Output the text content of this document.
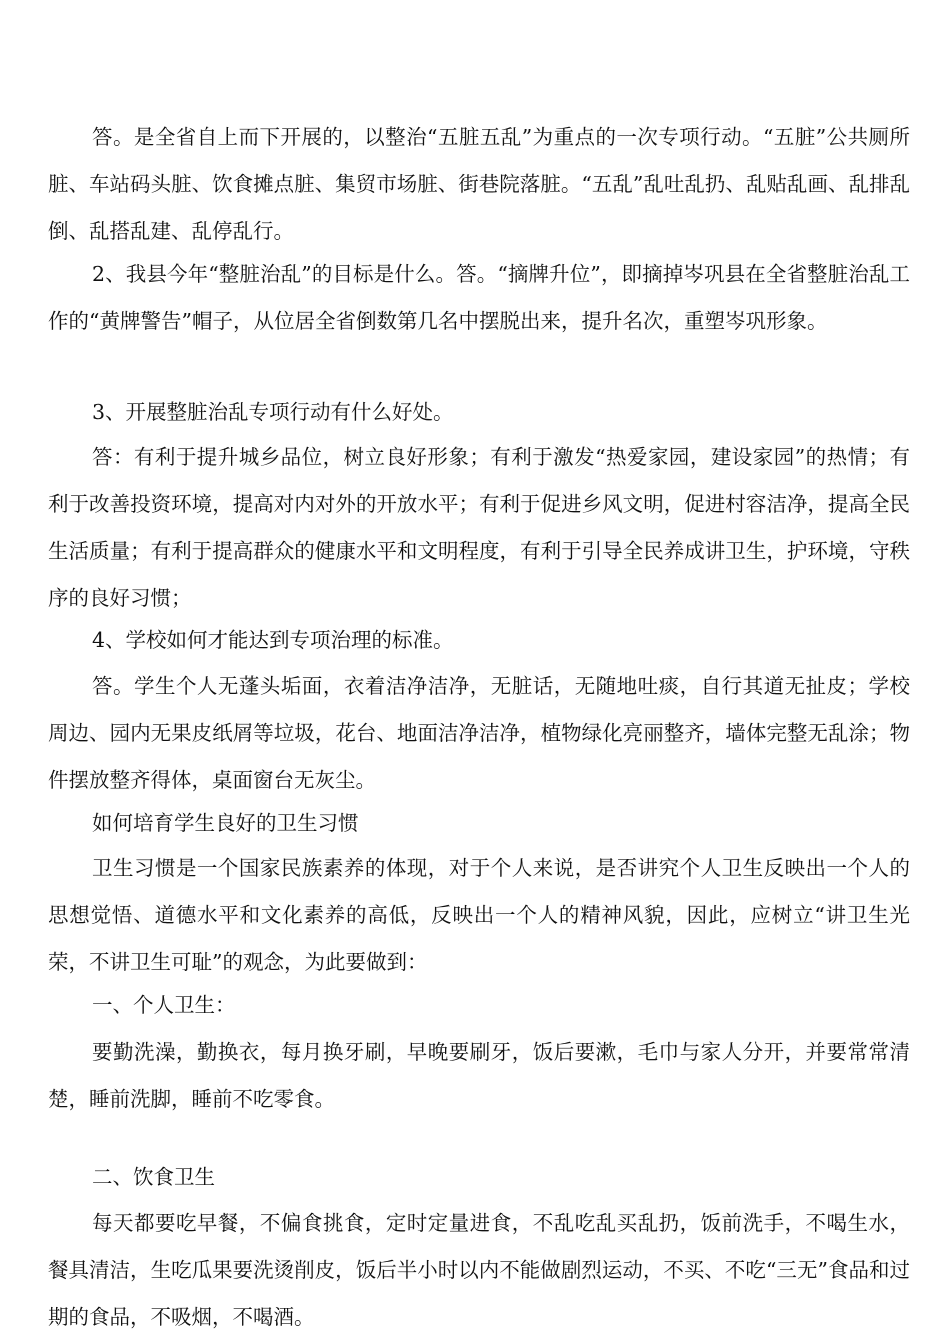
答。是全省自上而下开展的，以整治“五脏五乱”为重点的一次专项行动。“五脏”公共厕所脏、车站码头脏、饮食摊点脏、集贸市场脏、街巷院落脏。“五乱”乱吐乱扔、乱贴乱画、乱排乱倒、乱搭乱建、乱停乱行。

2、我县今年“整脏治乱”的目标是什么。答。“摘牌升位”，即摘掉岑巩县在全省整脏治乱工作的“黄牌警告”帽子，从位居全省倒数第几名中摆脱出来，提升名次，重塑岑巩形象。

3、开展整脏治乱专项行动有什么好处。

答：有利于提升城乡品位，树立良好形象；有利于激发“热爱家园，建设家园”的热情；有利于改善投资环境，提高对内对外的开放水平；有利于促进乡风文明，促进村容洁净，提高全民生活质量；有利于提高群众的健康水平和文明程度，有利于引导全民养成讲卫生，护环境，守秩序的良好习惯；

4、学校如何才能达到专项治理的标准。

答。学生个人无蓬头垢面，衣着洁净洁净，无脏话，无随地吐痰，自行其道无扯皮；学校周边、园内无果皮纸屑等垃圾，花台、地面洁净洁净，植物绿化亮丽整齐，墙体完整无乱涂；物件摆放整齐得体，桌面窗台无灰尘。

如何培育学生良好的卫生习惯

卫生习惯是一个国家民族素养的体现，对于个人来说，是否讲究个人卫生反映出一个人的思想觉悟、道德水平和文化素养的高低，反映出一个人的精神风貌，因此，应树立“讲卫生光荣，不讲卫生可耻”的观念，为此要做到：

一、个人卫生：

要勤洗澡，勤换衣，每月换牙刷，早晚要刷牙，饭后要漱，毛巾与家人分开，并要常常清楚，睡前洗脚，睡前不吃零食。

二、饮食卫生

每天都要吃早餐，不偏食挑食，定时定量进食，不乱吃乱买乱扔，饭前洗手，不喝生水，餐具清洁，生吃瓜果要洗烫削皮，饭后半小时以内不能做剧烈运动，不买、不吃“三无”食品和过期的食品，不吸烟，不喝酒。
